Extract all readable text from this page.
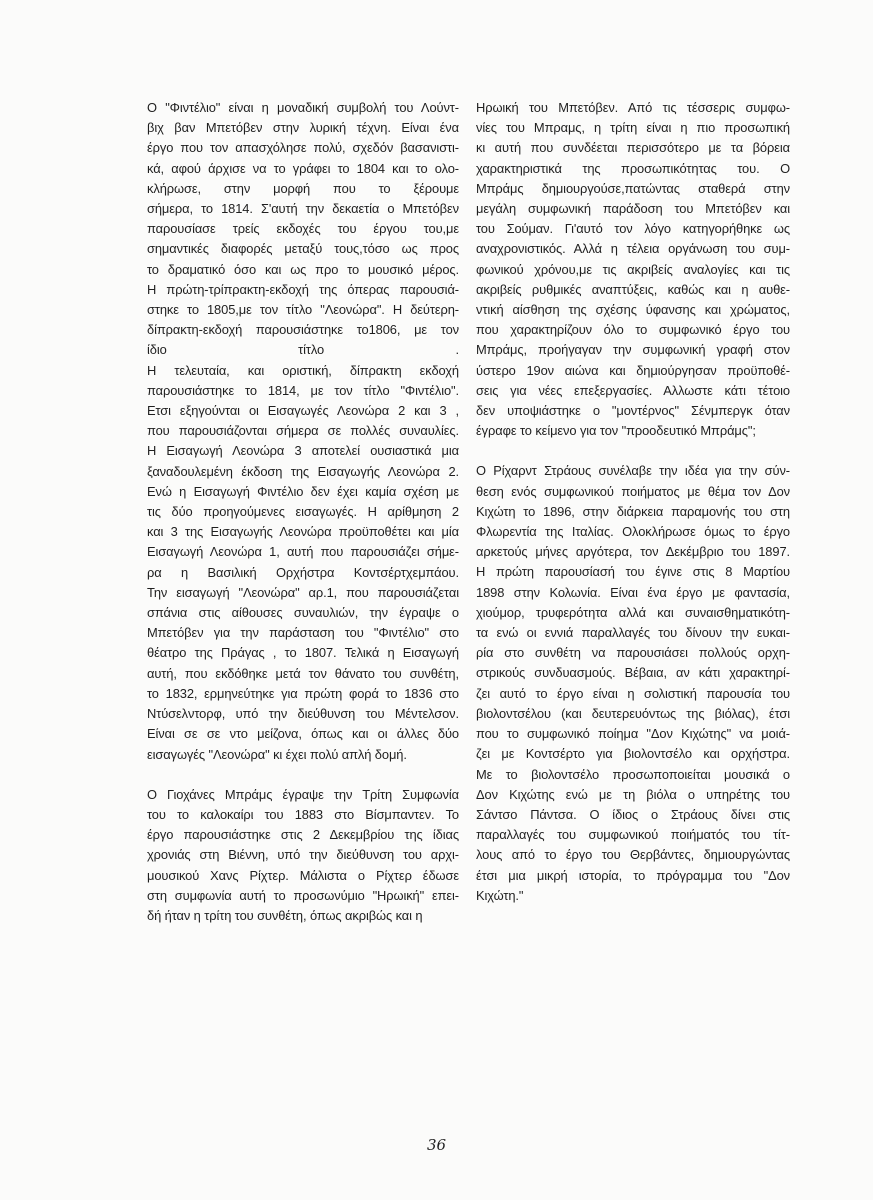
Ο "Φιντέλιο" είναι η μοναδική συμβολή του Λούντ-
βιχ βαν Μπετόβεν στην λυρική τέχνη. Είναι ένα
έργο που τον απασχόλησε πολύ, σχεδόν βασανιστι-
κά, αφού άρχισε να το γράφει το 1804 και το ολο-
κλήρωσε, στην μορφή που το ξέρουμε
σήμερα, το 1814. Σ'αυτή την δεκαετία ο Μπετόβεν
παρουσίασε τρείς εκδοχές του έργου του,με
σημαντικές διαφορές μεταξύ τους,τόσο ως προς
το δραματικό όσο και ως προ το μουσικό μέρος.
Η πρώτη-τρίπρακτη-εκδοχή της όπερας παρουσιά-
στηκε το 1805,με τον τίτλο "Λεονώρα". Η δεύτερη-
δίπρακτη-εκδοχή παρουσιάστηκε το1806, με τον
ίδιο τίτλο .
Η τελευταία, και οριστική, δίπρακτη εκδοχή
παρουσιάστηκε το 1814, με τον τίτλο "Φιντέλιο".
Ετσι εξηγούνται οι Εισαγωγές Λεονώρα 2 και 3 ,
που παρουσιάζονται σήμερα σε πολλές συναυλίες.
Η Εισαγωγή Λεονώρα 3 αποτελεί ουσιαστικά μια
ξαναδουλεμένη έκδοση της Εισαγωγής Λεονώρα 2.
Ενώ η Εισαγωγή Φιντέλιο δεν έχει καμία σχέση με
τις δύο προηγούμενες εισαγωγές. Η αρίθμηση 2
και 3 της Εισαγωγής Λεονώρα προϋποθέτει και μία
Εισαγωγή Λεονώρα 1, αυτή που παρουσιάζει σήμε-
ρα η Βασιλική Ορχήστρα Κοντσέρτχεμπάου.
Την εισαγωγή "Λεονώρα" αρ.1, που παρουσιάζεται
σπάνια στις αίθουσες συναυλιών, την έγραψε ο
Μπετόβεν για την παράσταση του "Φιντέλιο" στο
θέατρο της Πράγας , το 1807. Τελικά η Εισαγωγή
αυτή, που εκδόθηκε μετά τον θάνατο του συνθέτη,
το 1832, ερμηνεύτηκε για πρώτη φορά το 1836 στο
Ντύσελντορφ, υπό την διεύθυνση του Μέντελσον.
Είναι σε σε ντο μείζονα, όπως και οι άλλες δύο
εισαγωγές "Λεονώρα" κι έχει πολύ απλή δομή.
Ο Γιοχάνες Μπράμς έγραψε την Τρίτη Συμφωνία
του το καλοκαίρι του 1883 στο Βίσμπαντεν. Το
έργο παρουσιάστηκε στις 2 Δεκεμβρίου της ίδιας
χρονιάς στη Βιέννη, υπό την διεύθυνση του αρχι-
μουσικού Χανς Ρίχτερ. Μάλιστα ο Ρίχτερ έδωσε
στη συμφωνία αυτή το προσωνύμιο "Ηρωική" επει-
δή ήταν η τρίτη του συνθέτη, όπως ακριβώς και η
Ηρωική του Μπετόβεν. Από τις τέσσερις συμφω-
νίες του Μπραμς, η τρίτη είναι η πιο προσωπική
κι αυτή που συνδέεται περισσότερο με τα βόρεια
χαρακτηριστικά της προσωπικότητας του. Ο
Μπράμς δημιουργούσε,πατώντας σταθερά στην
μεγάλη συμφωνική παράδοση του Μπετόβεν και
του Σούμαν. Γι'αυτό τον λόγο κατηγορήθηκε ως
αναχρονιστικός. Αλλά η τέλεια οργάνωση του συμ-
φωνικού χρόνου,με τις ακριβείς αναλογίες και τις
ακριβείς ρυθμικές αναπτύξεις, καθώς και η αυθε-
ντική αίσθηση της σχέσης ύφανσης και χρώματος,
που χαρακτηρίζουν όλο το συμφωνικό έργο του
Μπράμς, προήγαγαν την συμφωνική γραφή στον
ύστερο 19ον αιώνα και δημιούργησαν προϋποθέ-
σεις για νέες επεξεργασίες. Αλλωστε κάτι τέτοιο
δεν υποψιάστηκε ο "μοντέρνος" Σένμπεργκ όταν
έγραφε το κείμενο για τον "προοδευτικό Μπράμς";
Ο Ρίχαρντ Στράους συνέλαβε την ιδέα για την σύν-
θεση ενός συμφωνικού ποιήματος με θέμα τον Δον
Κιχώτη το 1896, στην διάρκεια παραμονής του στη
Φλωρεντία της Ιταλίας. Ολοκλήρωσε όμως το έργο
αρκετούς μήνες αργότερα, τον Δεκέμβριο του 1897.
Η πρώτη παρουσίασή του έγινε στις 8 Μαρτίου
1898 στην Κολωνία. Είναι ένα έργο με φαντασία,
χιούμορ, τρυφερότητα αλλά και συναισθηματικότη-
τα ενώ οι εννιά παραλλαγές του δίνουν την ευκαι-
ρία στο συνθέτη να παρουσιάσει πολλούς ορχη-
στρικούς συνδυασμούς. Βέβαια, αν κάτι χαρακτηρί-
ζει αυτό το έργο είναι η σολιστική παρουσία του
βιολοντσέλου (και δευτερευόντως της βιόλας), έτσι
που το συμφωνικό ποίημα "Δον Κιχώτης" να μοιά-
ζει με Κοντσέρτο για βιολοντσέλο και ορχήστρα.
Με το βιολοντσέλο προσωποποιείται μουσικά ο
Δον Κιχώτης ενώ με τη βιόλα ο υπηρέτης του
Σάντσο Πάντσα. Ο ίδιος ο Στράους δίνει στις
παραλλαγές του συμφωνικού ποιήματός του τίτ-
λους από το έργο του Θερβάντες, δημιουργώντας
έτσι μια μικρή ιστορία, το πρόγραμμα του "Δον
Κιχώτη."
36
